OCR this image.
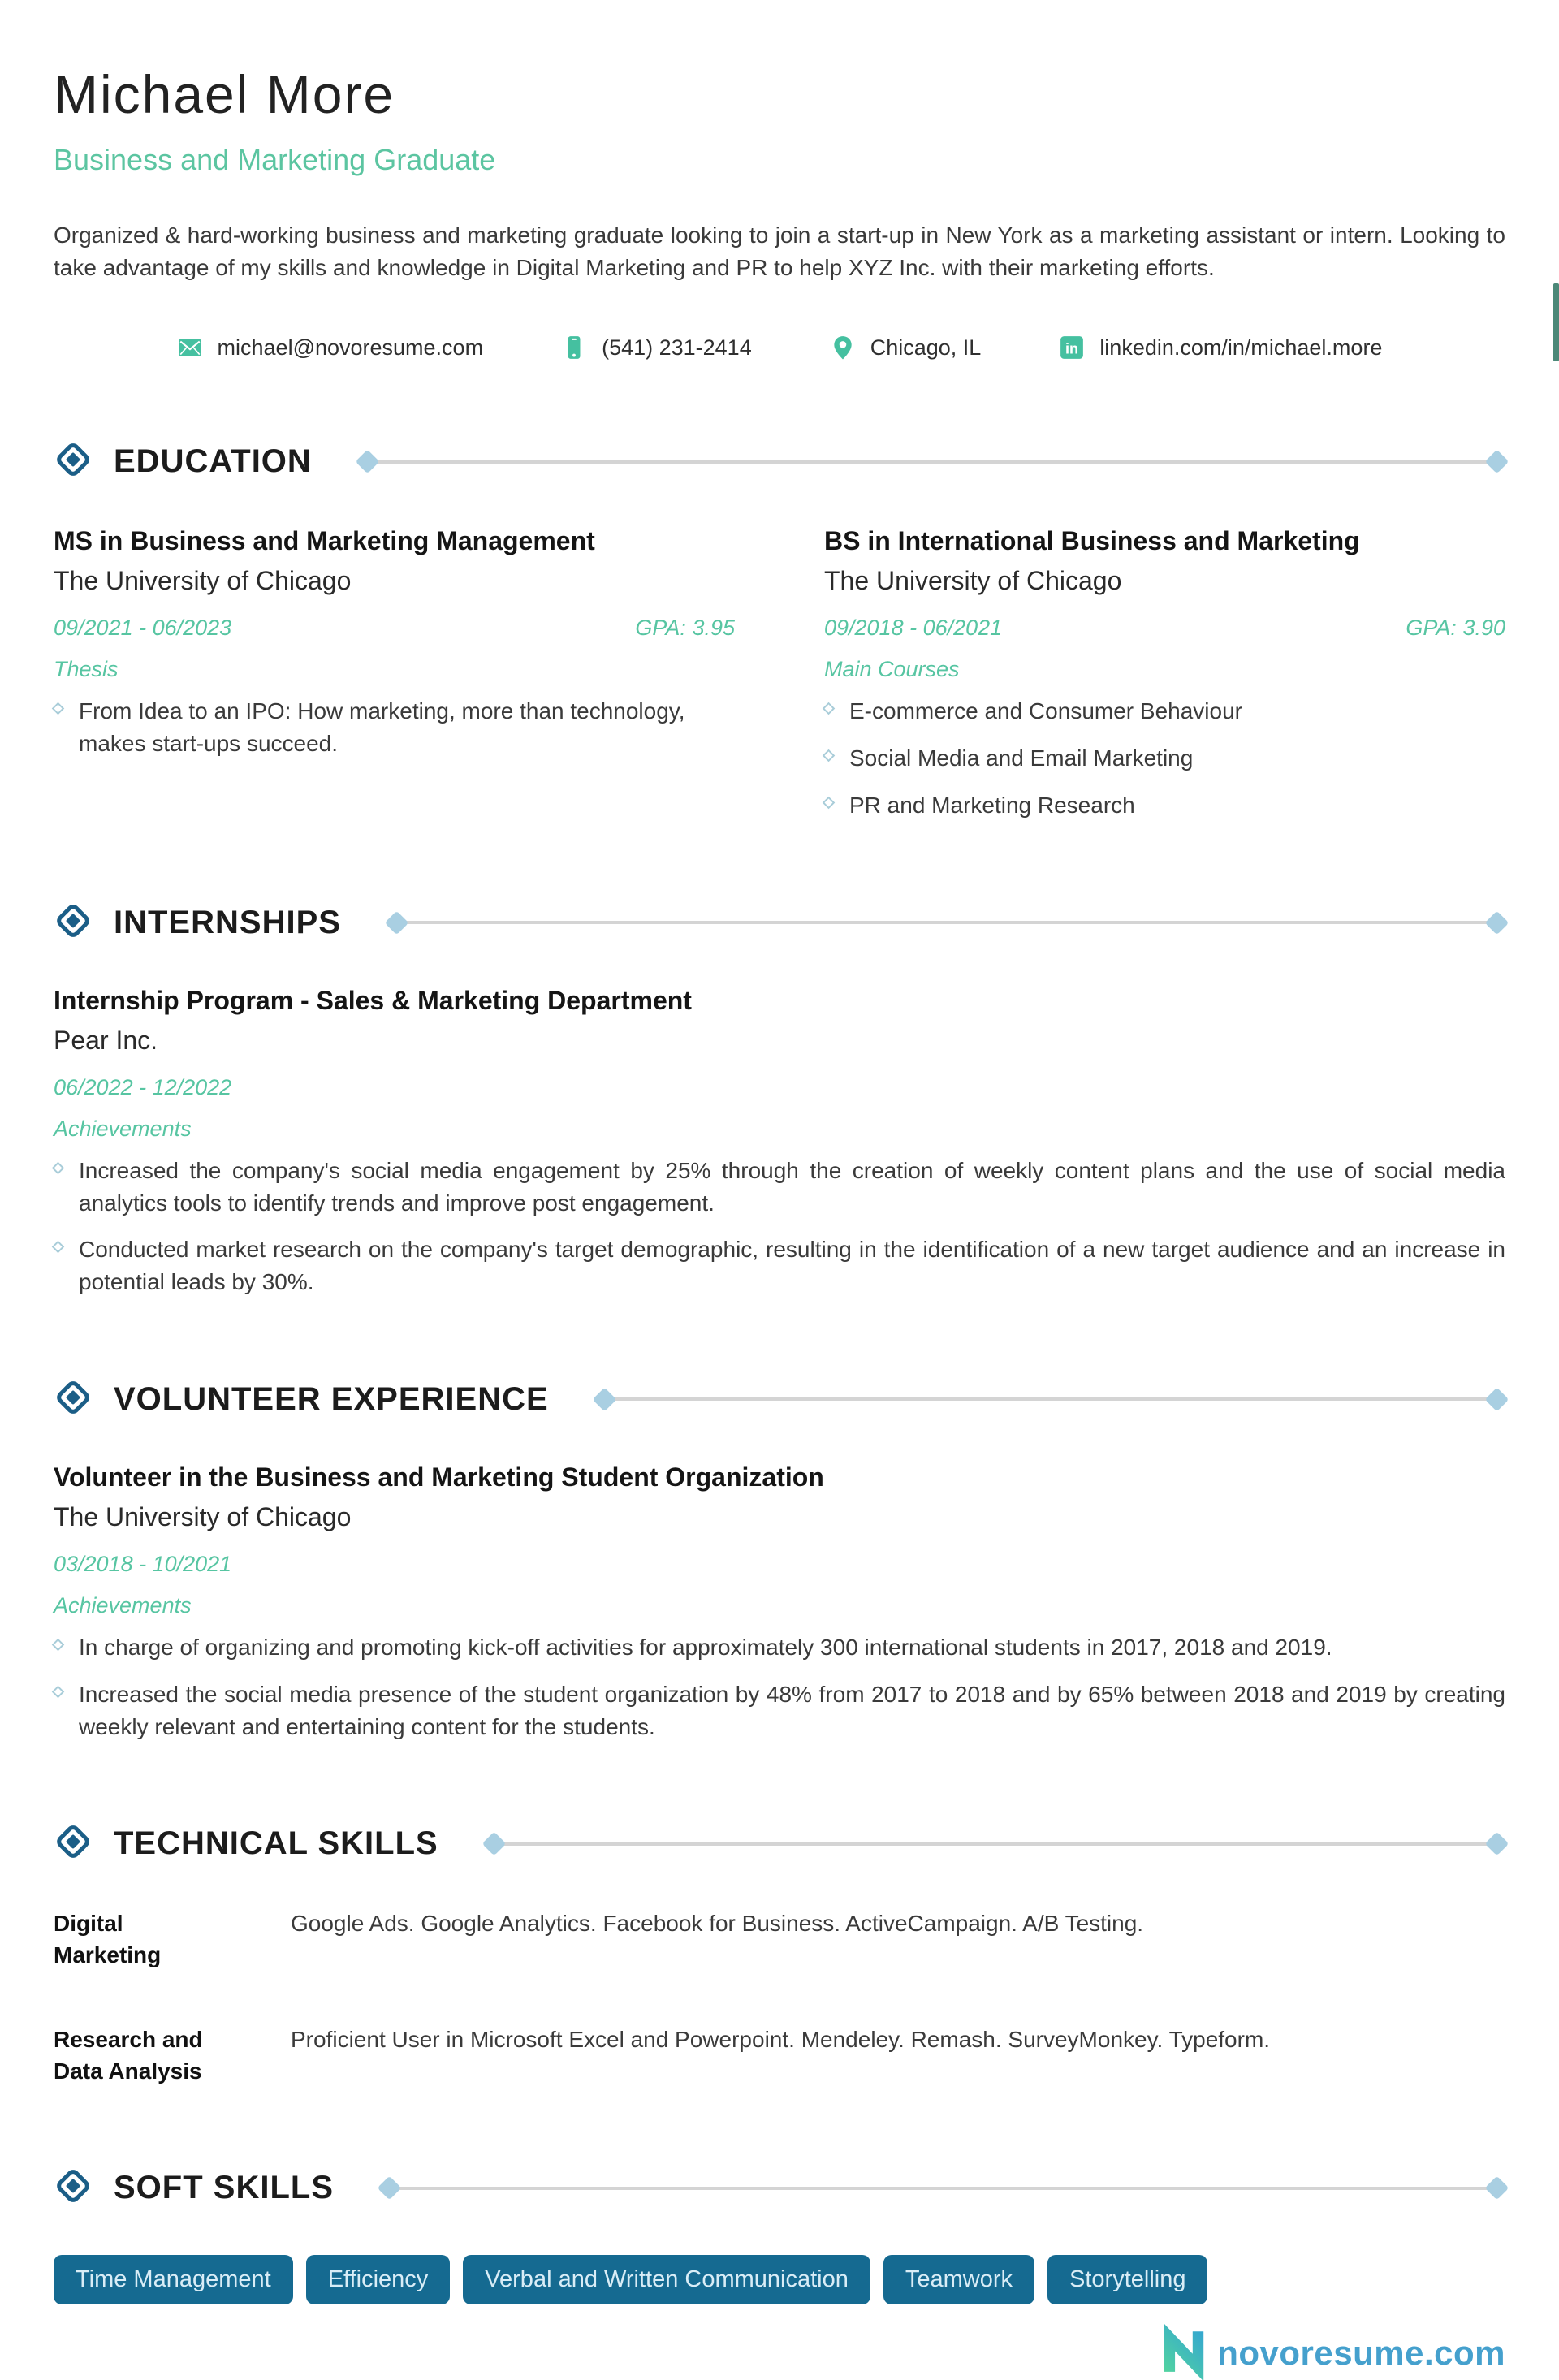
Michael More
Business and Marketing Graduate

Organized & hard-working business and marketing graduate looking to join a start-up in New York as a marketing assistant or intern. Looking to take advantage of my skills and knowledge in Digital Marketing and PR to help XYZ Inc. with their marketing efforts.

michael@novoresume.com	(541) 231-2414	Chicago, IL	in linkedin.com/in/michael.more
EDUCATION
MS in Business and Marketing Management
The University of Chicago
09/2021 - 06/2023	GPA: 3.95
Thesis
From Idea to an IPO: How marketing, more than technology, makes start-ups succeed.
BS in International Business and Marketing
The University of Chicago
09/2018 - 06/2021	GPA: 3.90
Main Courses
E-commerce and Consumer Behaviour
Social Media and Email Marketing
PR and Marketing Research
INTERNSHIPS
Internship Program - Sales & Marketing Department
Pear Inc.
06/2022 - 12/2022
Achievements
Increased the company's social media engagement by 25% through the creation of weekly content plans and the use of social media analytics tools to identify trends and improve post engagement.
Conducted market research on the company's target demographic, resulting in the identification of a new target audience and an increase in potential leads by 30%.
VOLUNTEER EXPERIENCE
Volunteer in the Business and Marketing Student Organization
The University of Chicago
03/2018 - 10/2021
Achievements
In charge of organizing and promoting kick-off activities for approximately 300 international students in 2017, 2018 and 2019.
Increased the social media presence of the student organization by 48% from 2017 to 2018 and by 65% between 2018 and 2019 by creating weekly relevant and entertaining content for the students.
TECHNICAL SKILLS
Digital Marketing
Google Ads. Google Analytics. Facebook for Business. ActiveCampaign. A/B Testing.
Research and Data Analysis
Proficient User in Microsoft Excel and Powerpoint. Mendeley. Remash. SurveyMonkey. Typeform.
SOFT SKILLS
Time Management	Efficiency	Verbal and Written Communication	Teamwork	Storytelling
novoresume.com
